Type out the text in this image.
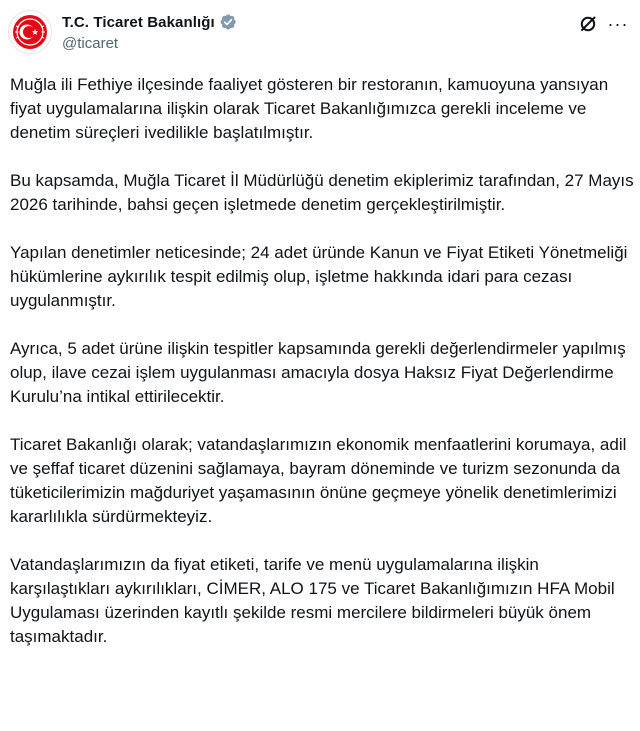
T.C. Ticaret Bakanlığı
@ticaret
···

Muğla ili Fethiye ilçesinde faaliyet gösteren bir restoranın, kamuoyuna yansıyan fiyat uygulamalarına ilişkin olarak Ticaret Bakanlığımızca gerekli inceleme ve denetim süreçleri ivedilikle başlatılmıştır.

Bu kapsamda, Muğla Ticaret İl Müdürlüğü denetim ekiplerimiz tarafından, 27 Mayıs 2026 tarihinde, bahsi geçen işletmede denetim gerçekleştirilmiştir.

Yapılan denetimler neticesinde; 24 adet üründe Kanun ve Fiyat Etiketi Yönetmeliği hükümlerine aykırılık tespit edilmiş olup, işletme hakkında idari para cezası uygulanmıştır.

Ayrıca, 5 adet ürüne ilişkin tespitler kapsamında gerekli değerlendirmeler yapılmış olup, ilave cezai işlem uygulanması amacıyla dosya Haksız Fiyat Değerlendirme Kurulu’na intikal ettirilecektir.

Ticaret Bakanlığı olarak; vatandaşlarımızın ekonomik menfaatlerini korumaya, adil ve şeffaf ticaret düzenini sağlamaya, bayram döneminde ve turizm sezonunda da tüketicilerimizin mağduriyet yaşamasının önüne geçmeye yönelik denetimlerimizi kararlılıkla sürdürmekteyiz.

Vatandaşlarımızın da fiyat etiketi, tarife ve menü uygulamalarına ilişkin karşılaştıkları aykırılıkları, CİMER, ALO 175 ve Ticaret Bakanlığımızın HFA Mobil Uygulaması üzerinden kayıtlı şekilde resmi mercilere bildirmeleri büyük önem taşımaktadır.
